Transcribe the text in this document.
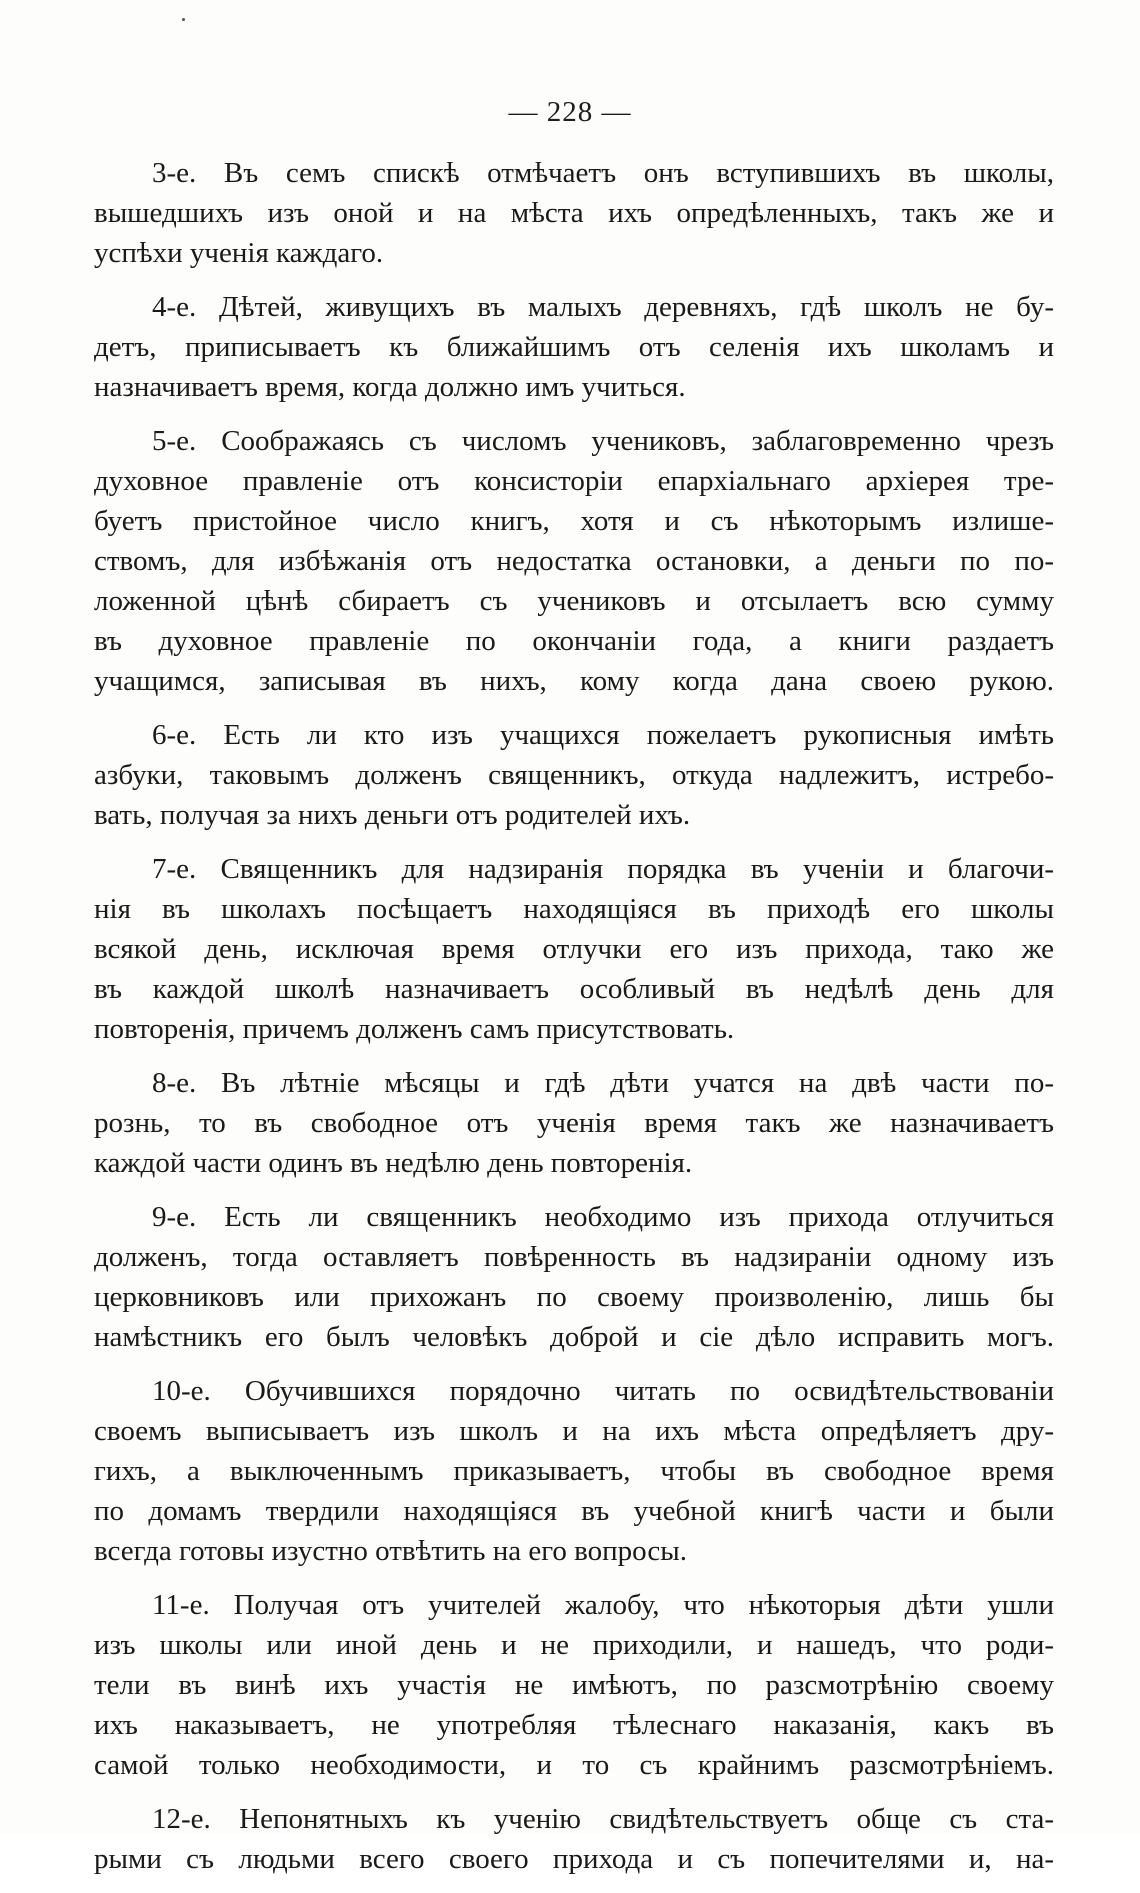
— 228 —

3-е. Въ семъ спискѣ отмѣчаетъ онъ вступившихъ въ школы,
вышедшихъ изъ оной и на мѣста ихъ опредѣленныхъ, такъ же и
успѣхи ученія каждаго.

4-е. Дѣтей, живущихъ въ малыхъ деревняхъ, гдѣ школъ не бу-
детъ, приписываетъ къ ближайшимъ отъ селенія ихъ школамъ и
назначиваетъ время, когда должно имъ учиться.

5-е. Соображаясь съ числомъ учениковъ, заблаговременно чрезъ
духовное правленіе отъ консисторіи епархіальнаго архіерея тре-
буетъ пристойное число книгъ, хотя и съ нѣкоторымъ излише-
ствомъ, для избѣжанія отъ недостатка остановки, а деньги по по-
ложенной цѣнѣ сбираетъ съ учениковъ и отсылаетъ всю сумму
въ духовное правленіе по окончаніи года, а книги раздаетъ
учащимся, записывая въ нихъ, кому когда дана своею рукою.

6-е. Есть ли кто изъ учащихся пожелаетъ рукописныя имѣть
азбуки, таковымъ долженъ священникъ, откуда надлежитъ, истребо-
вать, получая за нихъ деньги отъ родителей ихъ.

7-е. Священникъ для надзиранія порядка въ ученіи и благочи-
нія въ школахъ посѣщаетъ находящіяся въ приходѣ его школы
всякой день, исключая время отлучки его изъ прихода, тако же
въ каждой школѣ назначиваетъ особливый въ недѣлѣ день для
повторенія, причемъ долженъ самъ присутствовать.

8-е. Въ лѣтніе мѣсяцы и гдѣ дѣти учатся на двѣ части по-
рознь, то въ свободное отъ ученія время такъ же назначиваетъ
каждой части одинъ въ недѣлю день повторенія.

9-е. Есть ли священникъ необходимо изъ прихода отлучиться
долженъ, тогда оставляетъ повѣренность въ надзираніи одному изъ
церковниковъ или прихожанъ по своему произволенію, лишь бы
намѣстникъ его былъ человѣкъ доброй и сіе дѣло исправить могъ.

10-е. Обучившихся порядочно читать по освидѣтельствованіи
своемъ выписываетъ изъ школъ и на ихъ мѣста опредѣляетъ дру-
гихъ, а выключеннымъ приказываетъ, чтобы въ свободное время
по домамъ твердили находящіяся въ учебной книгѣ части и были
всегда готовы изустно отвѣтить на его вопросы.

11-е. Получая отъ учителей жалобу, что нѣкоторыя дѣти ушли
изъ школы или иной день и не приходили, и нашедъ, что роди-
тели въ винѣ ихъ участія не имѣютъ, по разсмотрѣнію своему
ихъ наказываетъ, не употребляя тѣлеснаго наказанія, какъ въ
самой только необходимости, и то съ крайнимъ разсмотрѣніемъ.

12-е. Непонятныхъ къ ученію свидѣтельствуетъ обще съ ста-
рыми съ людьми всего своего прихода и съ попечителями и, на-
